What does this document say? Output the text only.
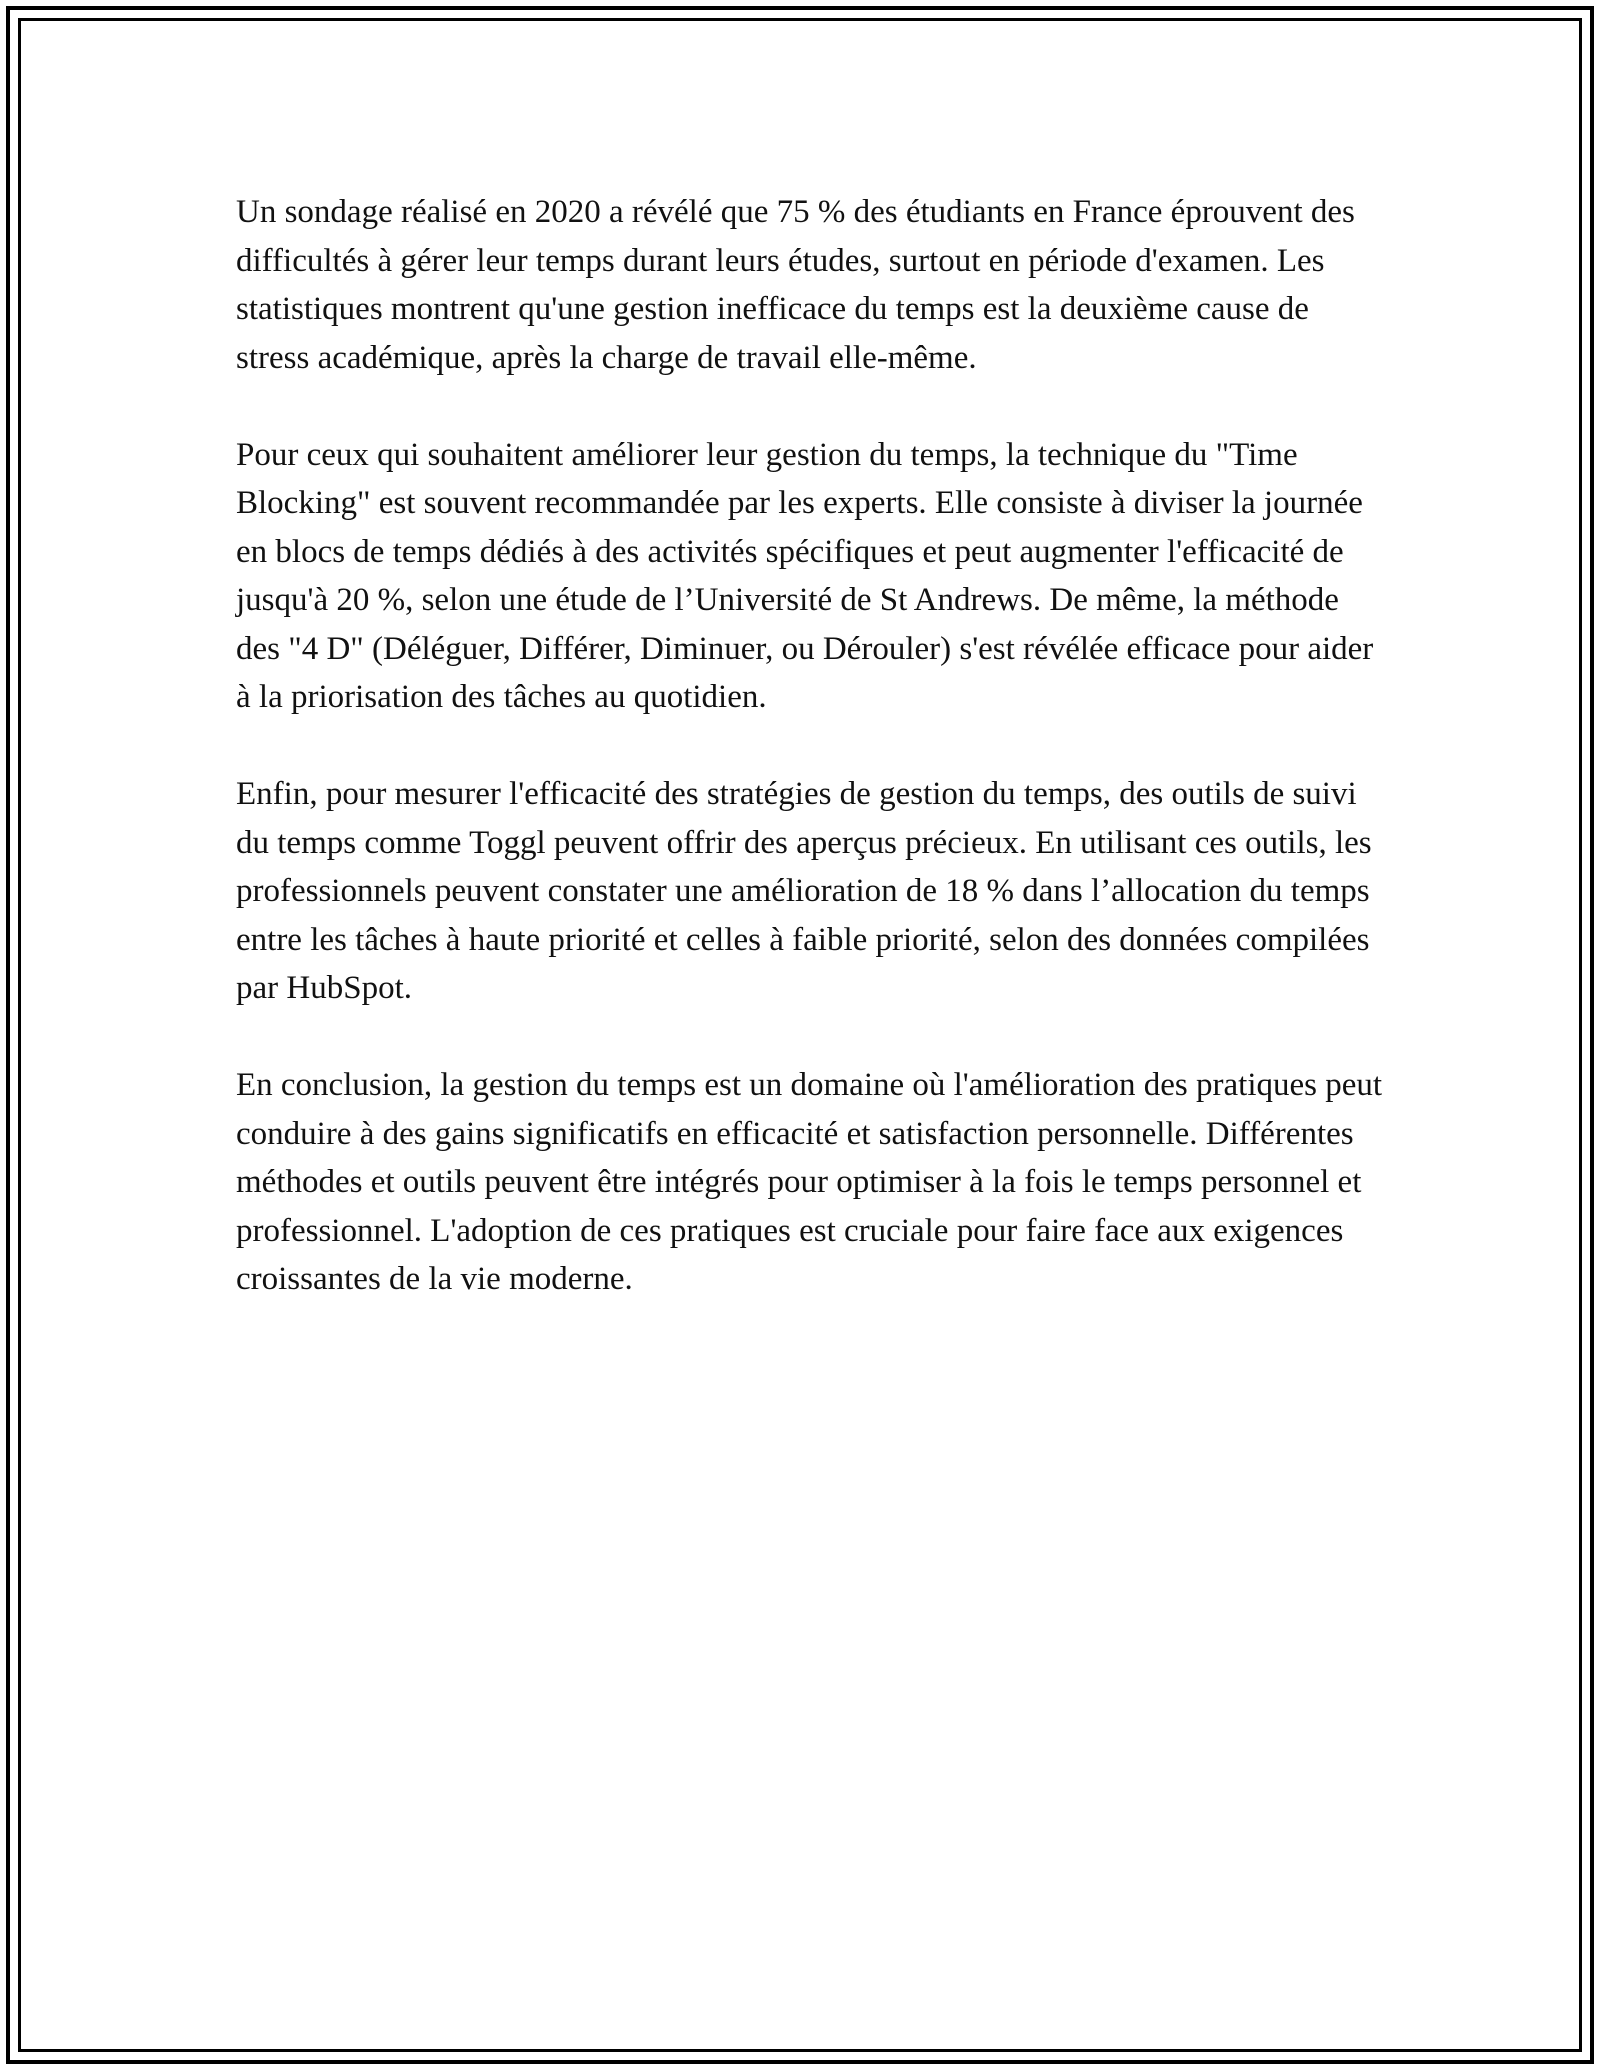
Un sondage réalisé en 2020 a révélé que 75 % des étudiants en France éprouvent des difficultés à gérer leur temps durant leurs études, surtout en période d'examen. Les statistiques montrent qu'une gestion inefficace du temps est la deuxième cause de stress académique, après la charge de travail elle-même.

Pour ceux qui souhaitent améliorer leur gestion du temps, la technique du "Time Blocking" est souvent recommandée par les experts. Elle consiste à diviser la journée en blocs de temps dédiés à des activités spécifiques et peut augmenter l'efficacité de jusqu'à 20 %, selon une étude de l’Université de St Andrews. De même, la méthode des "4 D" (Déléguer, Différer, Diminuer, ou Dérouler) s'est révélée efficace pour aider à la priorisation des tâches au quotidien.

Enfin, pour mesurer l'efficacité des stratégies de gestion du temps, des outils de suivi du temps comme Toggl peuvent offrir des aperçus précieux. En utilisant ces outils, les professionnels peuvent constater une amélioration de 18 % dans l’allocation du temps entre les tâches à haute priorité et celles à faible priorité, selon des données compilées par HubSpot.

En conclusion, la gestion du temps est un domaine où l'amélioration des pratiques peut conduire à des gains significatifs en efficacité et satisfaction personnelle. Différentes méthodes et outils peuvent être intégrés pour optimiser à la fois le temps personnel et professionnel. L'adoption de ces pratiques est cruciale pour faire face aux exigences croissantes de la vie moderne.
